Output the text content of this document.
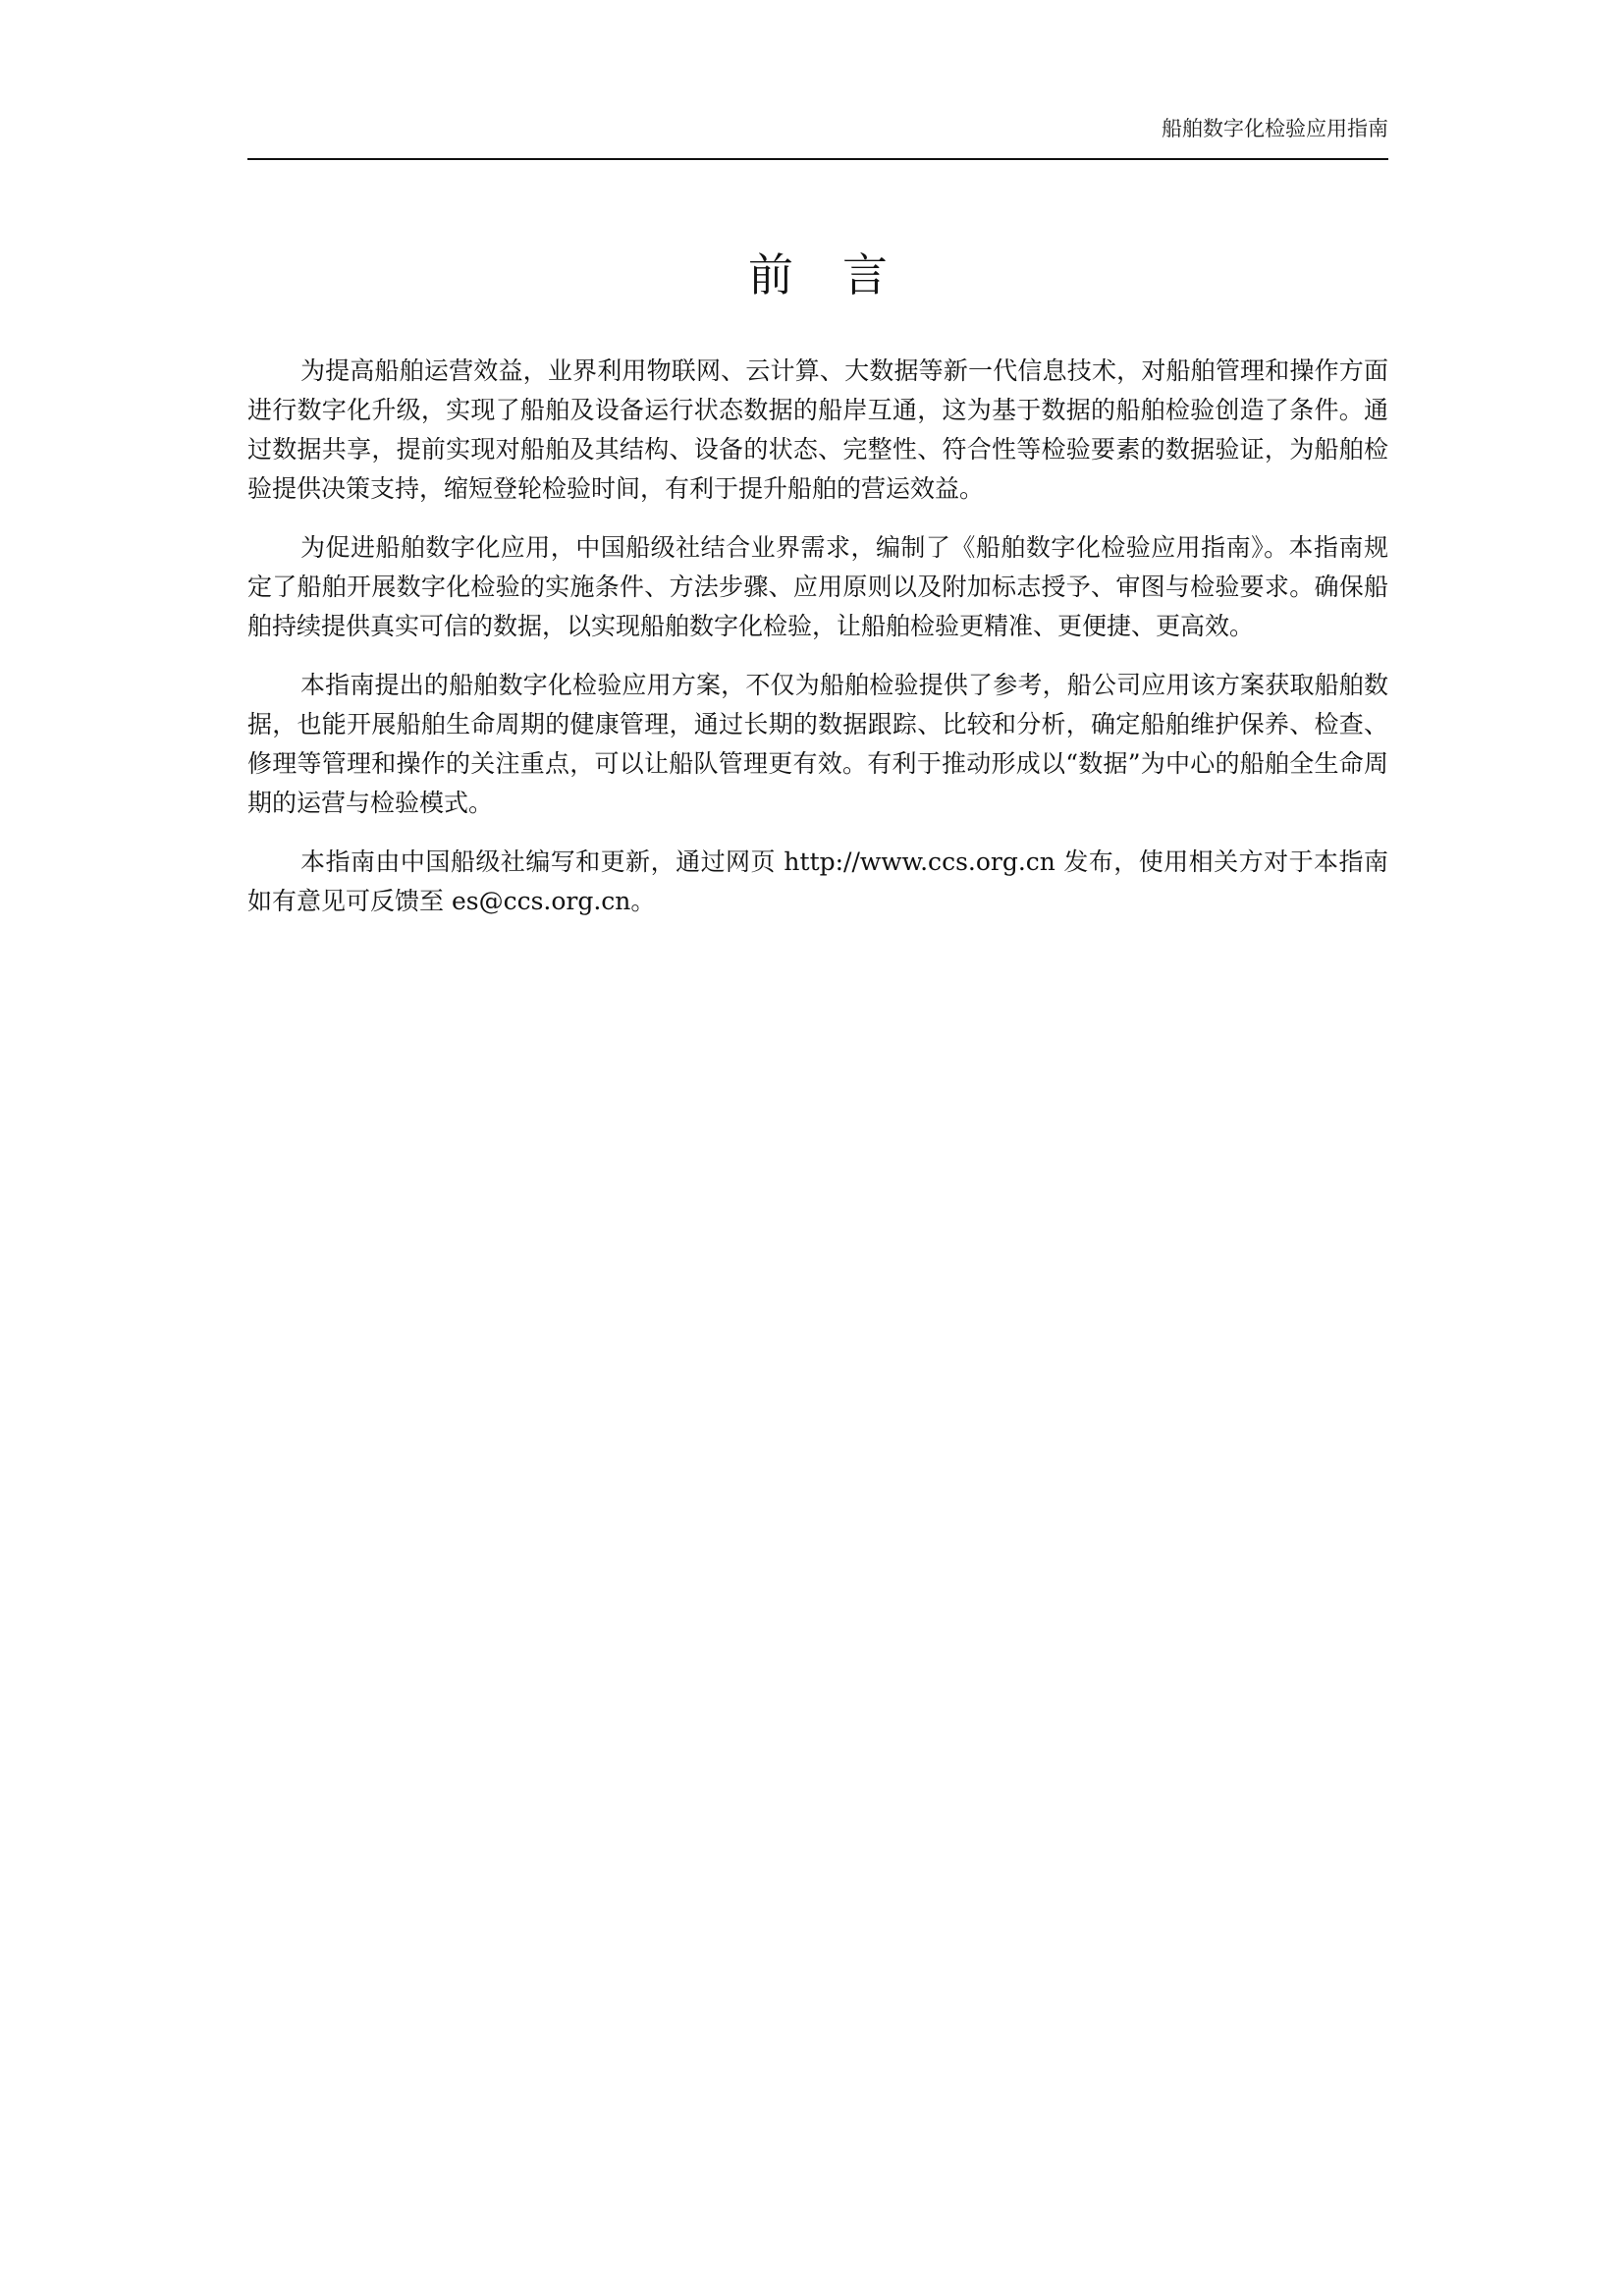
船舶数字化检验应用指南
前言

为提高船舶运营效益，业界利用物联网、云计算、大数据等新一代信息技术，对船舶管理和操作方面进行数字化升级，实现了船舶及设备运行状态数据的船岸互通，这为基于数据的船舶检验创造了条件。通过数据共享，提前实现对船舶及其结构、设备的状态、完整性、符合性等检验要素的数据验证，为船舶检验提供决策支持，缩短登轮检验时间，有利于提升船舶的营运效益。

为促进船舶数字化应用，中国船级社结合业界需求，编制了《船舶数字化检验应用指南》。本指南规定了船舶开展数字化检验的实施条件、方法步骤、应用原则以及附加标志授予、审图与检验要求。确保船舶持续提供真实可信的数据，以实现船舶数字化检验，让船舶检验更精准、更便捷、更高效。

本指南提出的船舶数字化检验应用方案，不仅为船舶检验提供了参考，船公司应用该方案获取船舶数据，也能开展船舶生命周期的健康管理，通过长期的数据跟踪、比较和分析，确定船舶维护保养、检查、修理等管理和操作的关注重点，可以让船队管理更有效。有利于推动形成以“数据”为中心的船舶全生命周期的运营与检验模式。

本指南由中国船级社编写和更新，通过网页 http://www.ccs.org.cn 发布，使用相关方对于本指南如有意见可反馈至 es@ccs.org.cn。
